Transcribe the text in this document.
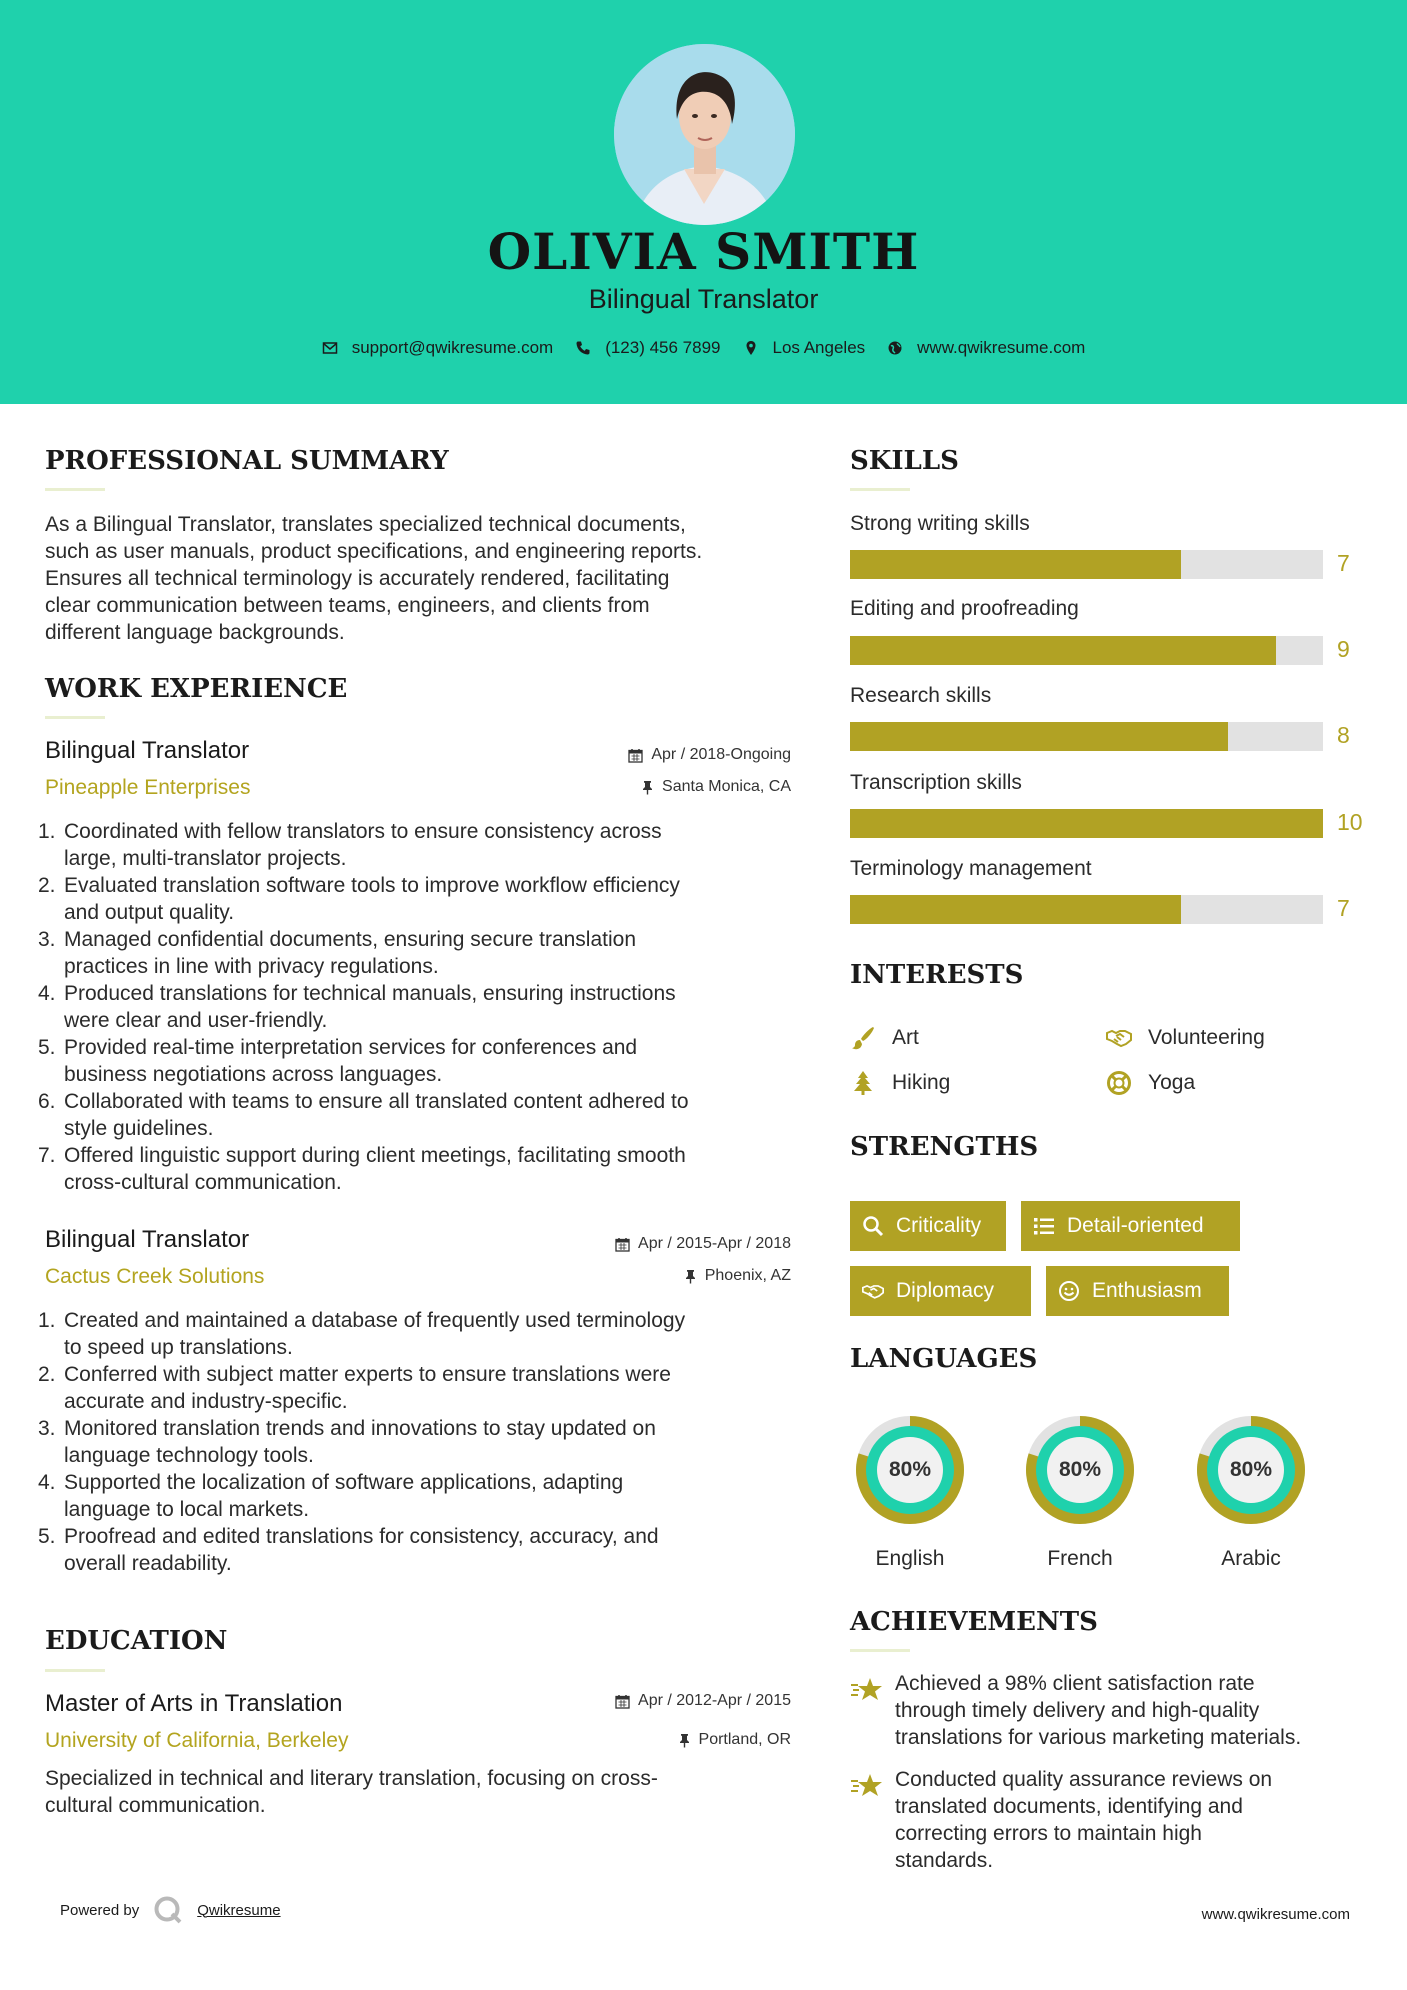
OLIVIA SMITH
Bilingual Translator
support@qwikresume.com	(123) 456 7899	Los Angeles	www.qwikresume.com
PROFESSIONAL SUMMARY
As a Bilingual Translator, translates specialized technical documents,
such as user manuals, product specifications, and engineering reports.
Ensures all technical terminology is accurately rendered, facilitating
clear communication between teams, engineers, and clients from
different language backgrounds.
WORK EXPERIENCE
Bilingual Translator
Pineapple Enterprises
Apr / 2018-Ongoing
Santa Monica, CA
1. Coordinated with fellow translators to ensure consistency across
large, multi-translator projects.
2. Evaluated translation software tools to improve workflow efficiency
and output quality.
3. Managed confidential documents, ensuring secure translation
practices in line with privacy regulations.
4. Produced translations for technical manuals, ensuring instructions
were clear and user-friendly.
5. Provided real-time interpretation services for conferences and
business negotiations across languages.
6. Collaborated with teams to ensure all translated content adhered to
style guidelines.
7. Offered linguistic support during client meetings, facilitating smooth
cross-cultural communication.
Bilingual Translator
Cactus Creek Solutions
Apr / 2015-Apr / 2018
Phoenix, AZ
1. Created and maintained a database of frequently used terminology
to speed up translations.
2. Conferred with subject matter experts to ensure translations were
accurate and industry-specific.
3. Monitored translation trends and innovations to stay updated on
language technology tools.
4. Supported the localization of software applications, adapting
language to local markets.
5. Proofread and edited translations for consistency, accuracy, and
overall readability.
EDUCATION
Master of Arts in Translation
University of California, Berkeley
Apr / 2012-Apr / 2015
Portland, OR
Specialized in technical and literary translation, focusing on cross-
cultural communication.
SKILLS
Strong writing skills
7
Editing and proofreading
9
Research skills
8
Transcription skills
10
Terminology management
7
INTERESTS
Art	Volunteering
Hiking	Yoga
STRENGTHS
Criticality	Detail-oriented
Diplomacy	Enthusiasm
LANGUAGES
80%
English
80%
French
80%
Arabic
ACHIEVEMENTS
Achieved a 98% client satisfaction rate
through timely delivery and high-quality
translations for various marketing materials.
Conducted quality assurance reviews on
translated documents, identifying and
correcting errors to maintain high
standards.
Powered by	Qwikresume	www.qwikresume.com
